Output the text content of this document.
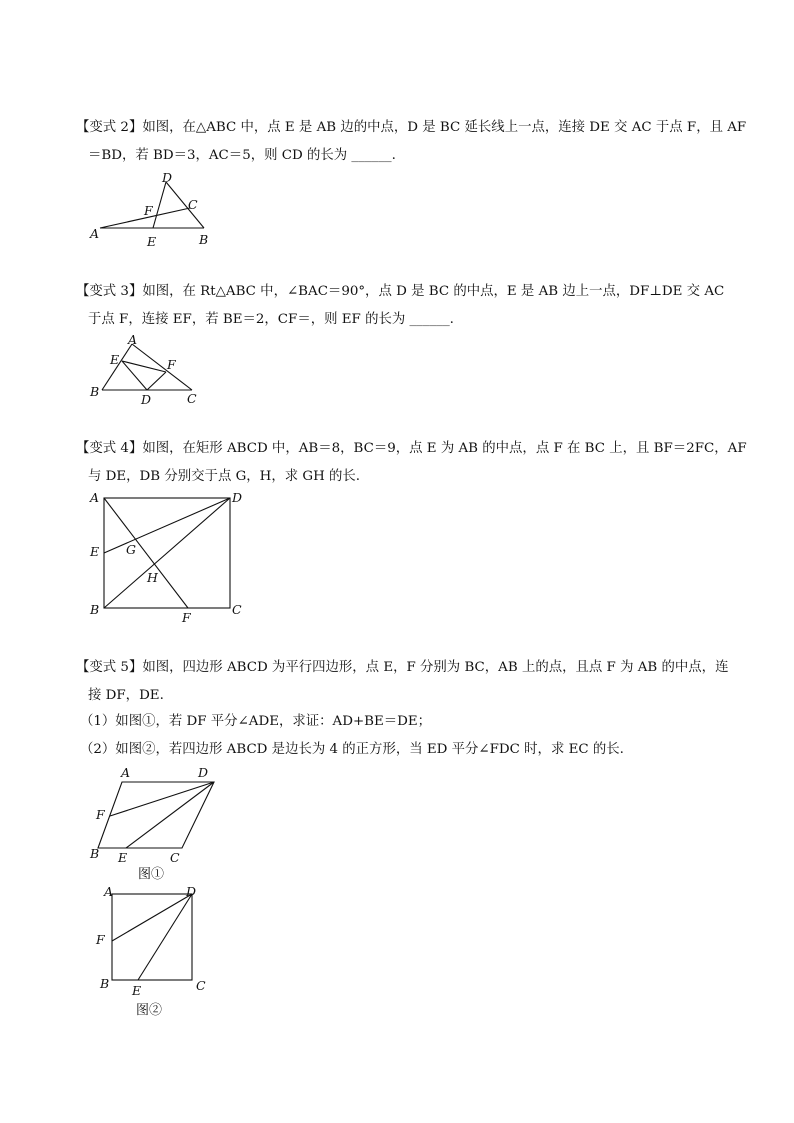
【变式 2】如图，在△ABC 中，点 E 是 AB 边的中点，D 是 BC 延长线上一点，连接 DE 交 AC 于点 F，且 AF
＝BD，若 BD＝3，AC＝5，则 CD 的长为 ______.
D
F	C
A
E	B
【变式 3】如图，在 Rt△ABC 中，∠BAC＝90°，点 D 是 BC 的中点，E 是 AB 边上一点，DF⊥DE 交 AC
于点 F，连接 EF，若 BE＝2，CF＝，则 EF 的长为 ______.
A
E	F
B
D	C
【变式 4】如图，在矩形 ABCD 中，AB＝8，BC＝9，点 E 为 AB 的中点，点 F 在 BC 上，且 BF＝2FC，AF
与 DE，DB 分别交于点 G，H，求 GH 的长.
A	D
E G
H
B
F
C
【变式 5】如图，四边形 ABCD 为平行四边形，点 E，F 分别为 BC，AB 上的点，且点 F 为 AB 的中点，连
接 DF，DE.
（1）如图①，若 DF 平分∠ADE，求证：AD+BE＝DE；
（2）如图②，若四边形 ABCD 是边长为 4 的正方形，当 ED 平分∠FDC 时，求 EC 的长.
A	D
F
B E	C
图①
A	D
F
B E	C
图②
